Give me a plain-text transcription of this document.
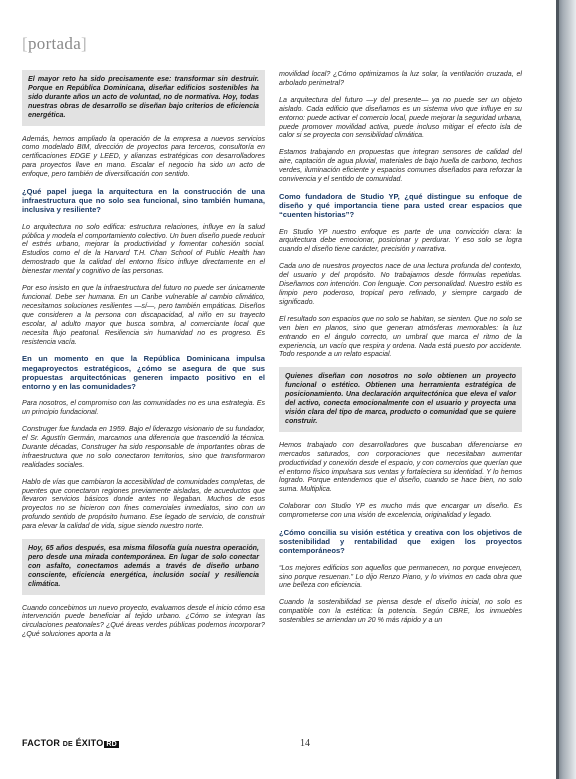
[portada]

El mayor reto ha sido precisamente ese: transformar sin destruir. Porque en República Dominicana, diseñar edificios sostenibles ha sido durante años un acto de voluntad, no de normativa. Hoy, todas nuestras obras de desarrollo se diseñan bajo criterios de eficiencia energética.

Además, hemos ampliado la operación de la empresa a nuevos servicios como modelado BIM, dirección de proyectos para terceros, consultoría en certificaciones EDGE y LEED, y alianzas estratégicas con desarrolladores para proyectos llave en mano. Escalar el negocio ha sido un acto de enfoque, pero también de diversificación con sentido.

¿Qué papel juega la arquitectura en la construcción de una infraestructura que no solo sea funcional, sino también humana, inclusiva y resiliente?

Lo arquitectura no solo edifica: estructura relaciones, influye en la salud pública y modela el comportamiento colectivo. Un buen diseño puede reducir el estrés urbano, mejorar la productividad y fomentar cohesión social. Estudios como el de la Harvard T.H. Chan School of Public Health han demostrado que la calidad del entorno físico influye directamente en el bienestar mental y cognitivo de las personas.

Por eso insisto en que la infraestructura del futuro no puede ser únicamente funcional. Debe ser humana. En un Caribe vulnerable al cambio climático, necesitamos soluciones resilientes —sí—, pero también empáticas. Diseños que consideren a la persona con discapacidad, al niño en su trayecto escolar, al adulto mayor que busca sombra, al comerciante local que necesita flujo peatonal. Resiliencia sin humanidad no es progreso. Es resistencia vacía.

En un momento en que la República Dominicana impulsa megaproyectos estratégicos, ¿cómo se asegura de que sus propuestas arquitectónicas generen impacto positivo en el entorno y en las comunidades?

Para nosotros, el compromiso con las comunidades no es una estrategia. Es un principio fundacional.

Construger fue fundada en 1959. Bajo el liderazgo visionario de su fundador, el Sr. Agustín Germán, marcamos una diferencia que trascendió la técnica. Durante décadas, Construger ha sido responsable de importantes obras de infraestructura que no solo conectaron territorios, sino que transformaron realidades sociales.

Hablo de vías que cambiaron la accesibilidad de comunidades completas, de puentes que conectaron regiones previamente aisladas, de acueductos que llevaron servicios básicos donde antes no llegaban. Muchos de esos proyectos no se hicieron con fines comerciales inmediatos, sino con un profundo sentido de propósito humano. Ese legado de servicio, de construir para elevar la calidad de vida, sigue siendo nuestro norte.

Hoy, 65 años después, esa misma filosofía guía nuestra operación, pero desde una mirada contemporánea. En lugar de solo conectar con asfalto, conectamos además a través de diseño urbano consciente, eficiencia energética, inclusión social y resiliencia climática.

Cuando concebimos un nuevo proyecto, evaluamos desde el inicio cómo esa intervención puede beneficiar al tejido urbano. ¿Cómo se integran las circulaciones peatonales? ¿Qué áreas verdes públicas podemos incorporar? ¿Qué soluciones aporta a la

movilidad local? ¿Cómo optimizamos la luz solar, la ventilación cruzada, el arbolado perimetral?

La arquitectura del futuro —y del presente— ya no puede ser un objeto aislado. Cada edificio que diseñamos es un sistema vivo que influye en su entorno: puede activar el comercio local, puede mejorar la seguridad urbana, puede promover movilidad activa, puede incluso mitigar el efecto isla de calor si se proyecta con sensibilidad climática.

Estamos trabajando en propuestas que integran sensores de calidad del aire, captación de agua pluvial, materiales de bajo huella de carbono, techos verdes, iluminación eficiente y espacios comunes diseñados para reforzar la convivencia y el sentido de comunidad.

Como fundadora de Studio YP, ¿qué distingue su enfoque de diseño y qué importancia tiene para usted crear espacios que “cuenten historias”?

En Studio YP nuestro enfoque es parte de una convicción clara: la arquitectura debe emocionar, posicionar y perdurar. Y eso solo se logra cuando el diseño tiene carácter, precisión y narrativa.

Cada uno de nuestros proyectos nace de una lectura profunda del contexto, del usuario y del propósito. No trabajamos desde fórmulas repetidas. Diseñamos con intención. Con lenguaje. Con personalidad. Nuestro estilo es limpio pero poderoso, tropical pero refinado, y siempre cargado de significado.

El resultado son espacios que no solo se habitan, se sienten. Que no solo se ven bien en planos, sino que generan atmósferas memorables: la luz entrando en el ángulo correcto, un umbral que marca el ritmo de la experiencia, un vacío que respira y ordena. Nada está puesto por accidente. Todo responde a un relato espacial.

Quienes diseñan con nosotros no solo obtienen un proyecto funcional o estético. Obtienen una herramienta estratégica de posicionamiento. Una declaración arquitectónica que eleva el valor del activo, conecta emocionalmente con el usuario y proyecta una visión clara del tipo de marca, producto o comunidad que se quiere construir.

Hemos trabajado con desarrolladores que buscaban diferenciarse en mercados saturados, con corporaciones que necesitaban aumentar productividad y conexión desde el espacio, y con comercios que querían que el entorno físico impulsara sus ventas y fortaleciera su identidad. Y lo hemos logrado. Porque entendemos que el diseño, cuando se hace bien, no solo suma. Multiplica.

Colaborar con Studio YP es mucho más que encargar un diseño. Es comprometerse con una visión de excelencia, originalidad y legado.

¿Cómo concilia su visión estética y creativa con los objetivos de sostenibilidad y rentabilidad que exigen los proyectos contemporáneos?

“Los mejores edificios son aquellos que permanecen, no porque envejecen, sino porque resuenan.” Lo dijo Renzo Piano, y lo vivimos en cada obra que une belleza con eficiencia.

Cuando la sostenibilidad se piensa desde el diseño inicial, no solo es compatible con la estética: la potencia. Según CBRE, los inmuebles sostenibles se arriendan un 20 % más rápido y a un

FACTOR DE ÉXITO RD	14
